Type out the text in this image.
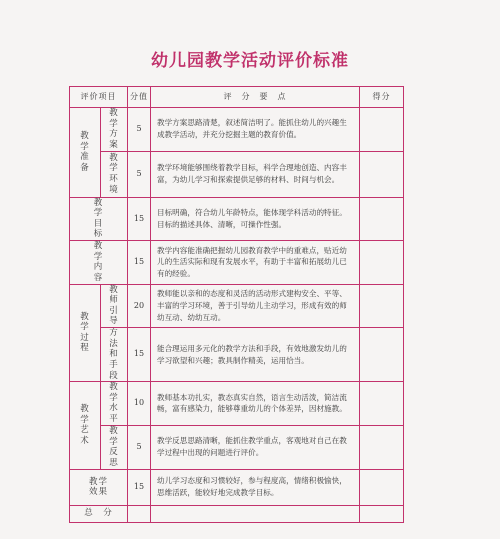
幼儿园教学活动评价标准
评价项目		分值	评　分　要　点	得分
教学准备	教学方案	5	教学方案思路清楚，叙述简洁明了。能抓住幼儿的兴趣生成教学活动，并充分挖掘主题的教育价值。	
	教学环境	5	教学环境能够围绕着教学目标，科学合理地创造、内容丰富，为幼儿学习和探索提供足够的材料、时间与机会。	
教学目标		15	目标明确，符合幼儿年龄特点，能体现学科活动的特征。目标的描述具体、清晰，可操作性强。	
教学内容		15	教学内容能准确把握幼儿园教育教学中的重难点，贴近幼儿的生活实际和现有发展水平，有助于丰富和拓展幼儿已有的经验。	
教学过程	教师引导	20	教师能以亲和的态度和灵活的活动形式建构安全、平等、丰富的学习环境，善于引导幼儿主动学习，形成有效的师幼互动、幼幼互动。	
	方法和手段	15	能合理运用多元化的教学方法和手段，有效地激发幼儿的学习欲望和兴趣；教具制作精美，运用恰当。	
教学艺术	教学水平	10	教师基本功扎实，教态真实自然，语言生动活泼，简洁流畅，富有感染力，能够尊重幼儿的个体差异，因材施教。	
	教学反思	5	教学反思思路清晰，能抓住教学重点，客观地对自己在教学过程中出现的问题进行评价。	
教学效果		15	幼儿学习态度和习惯较好，参与程度高，情绪积极愉快，思维活跃，能较好地完成教学目标。	
总　分				
